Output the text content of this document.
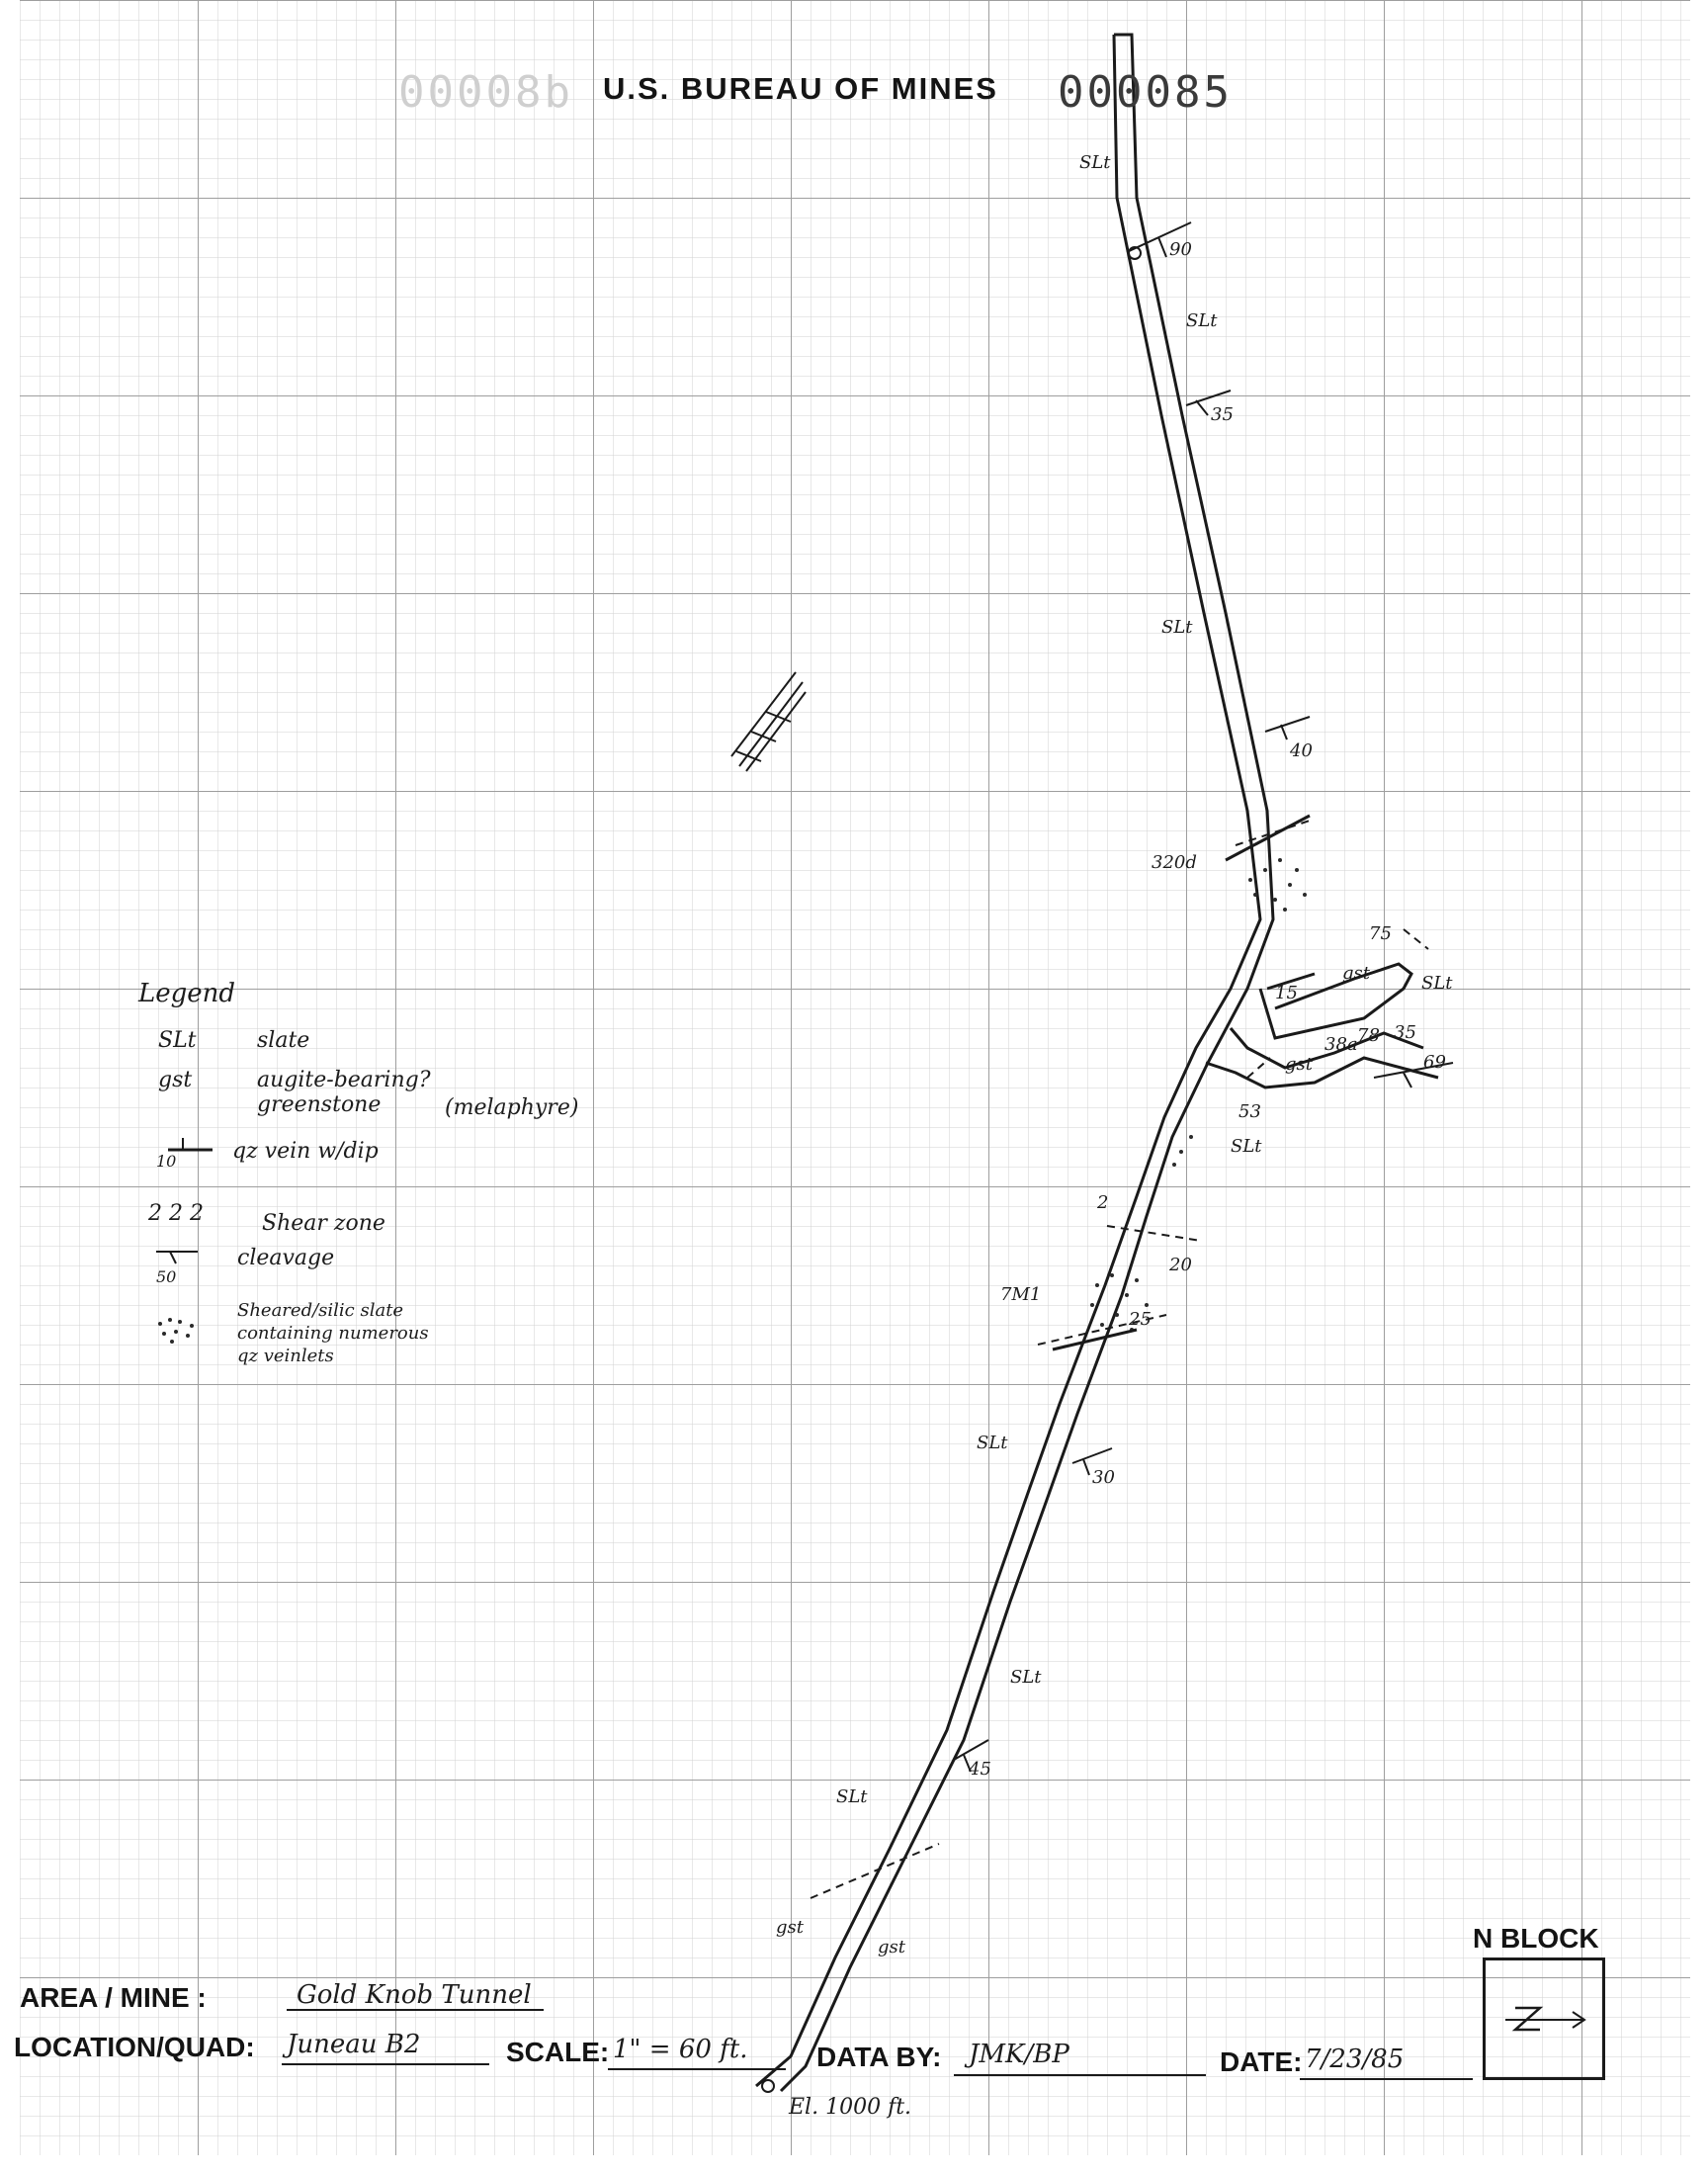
SLt
SLt
SLt
SLt
SLt
SLt
SLt
SLt
gst
gst
gst
gst
90
35
40
45
30
75
69
25
53
15
35
78
20
320d
7M1
38a
2
El. 1000 ft.
d80000 U.S. BUREAU OF MINES 000085
Legend
SLt	slate
gst	augite-bearing? greenstone	(melaphyre)
10	qz vein w/dip
2 2 2	Shear zone
50
cleavage
Sheared/silic slate
containing numerous
qz veinlets
AREA / MINE :	Gold Knob Tunnel
LOCATION/QUAD: Juneau B2	SCALE: 1" = 60 ft. DATA BY: JMK/BP	DATE: 7/23/85
N BLOCK
